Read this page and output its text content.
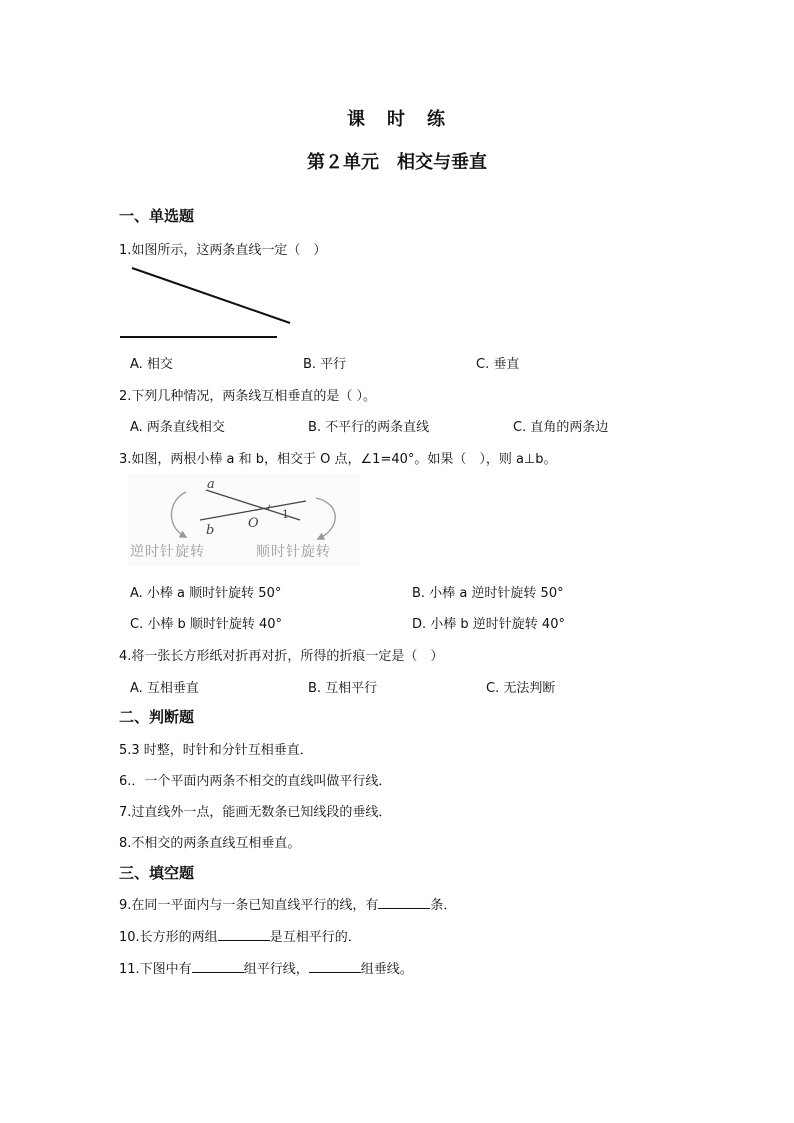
课　时　练
第２单元　相交与垂直
一、单选题
1.如图所示，这两条直线一定（　）
A. 相交	B. 平行	C. 垂直
2.下列几种情况，两条线互相垂直的是（ ）。
A. 两条直线相交	B. 不平行的两条直线	C. 直角的两条边
3.如图，两根小棒 a 和 b，相交于 O 点，∠1=40°。如果（　），则 a⊥b。
a
b	O
1
逆时针旋转	顺时针旋转
A. 小棒 a 顺时针旋转 50°	B. 小棒 a 逆时针旋转 50°
C. 小棒 b 顺时针旋转 40°	D. 小棒 b 逆时针旋转 40°
4.将一张长方形纸对折再对折，所得的折痕一定是（　）
A. 互相垂直	B. 互相平行	C. 无法判断
二、判断题
5.3 时整，时针和分针互相垂直．
6.．一个平面内两条不相交的直线叫做平行线．
7.过直线外一点，能画无数条已知线段的垂线．
8.不相交的两条直线互相垂直。
三、填空题
9.在同一平面内与一条已知直线平行的线，有	条．
10.长方形的两组	是互相平行的．
11.下图中有	组平行线，	组垂线。
